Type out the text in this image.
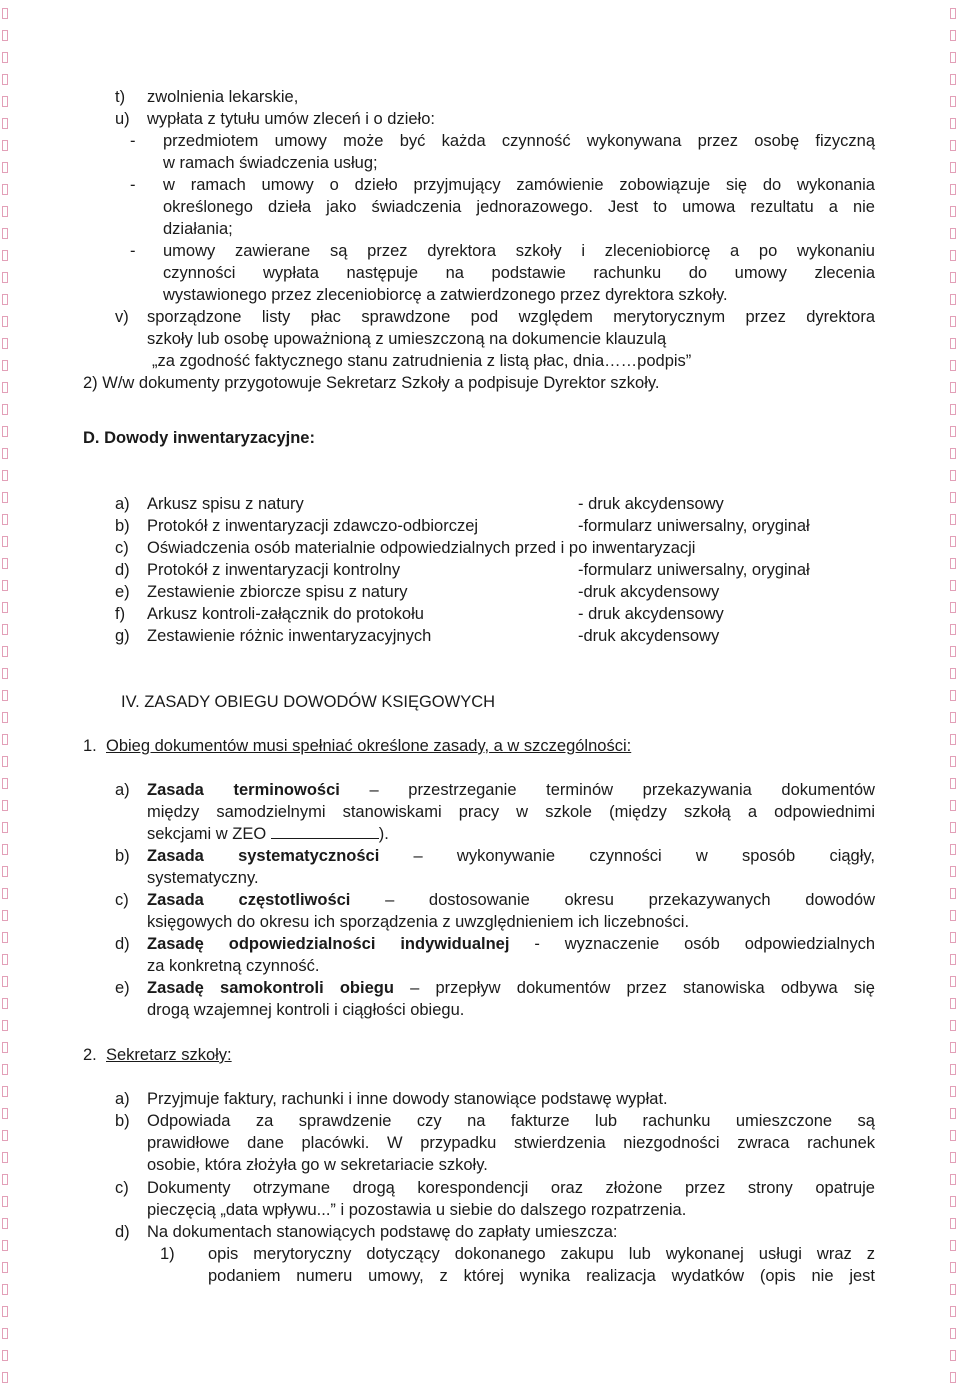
t) zwolnienia lekarskie,
u) wypłata z tytułu umów zleceń i o dzieło:
- przedmiotem umowy może być każda czynność wykonywana przez osobę fizyczną
w ramach świadczenia usług;
- w ramach umowy o dzieło przyjmujący zamówienie zobowiązuje się do wykonania
określonego dzieła jako świadczenia jednorazowego. Jest to umowa rezultatu a nie
działania;
- umowy zawierane są przez dyrektora szkoły i zleceniobiorcę a po wykonaniu
czynności wypłata następuje na podstawie rachunku do umowy zlecenia
wystawionego przez zleceniobiorcę a zatwierdzonego przez dyrektora szkoły.
v) sporządzone listy płac sprawdzone pod względem merytorycznym przez dyrektora
szkoły lub osobę upoważnioną z umieszczoną na dokumencie klauzulą
„za zgodność faktycznego stanu zatrudnienia z listą płac, dnia……podpis”
2) W/w dokumenty przygotowuje Sekretarz Szkoły a podpisuje Dyrektor szkoły.
D. Dowody inwentaryzacyjne:
a) Arkusz spisu z natury	- druk akcydensowy
b) Protokół z inwentaryzacji zdawczo-odbiorczej	-formularz uniwersalny, oryginał
c) Oświadczenia osób materialnie odpowiedzialnych przed i po inwentaryzacji
d) Protokół z inwentaryzacji kontrolny	-formularz uniwersalny, oryginał
e) Zestawienie zbiorcze spisu z natury	-druk akcydensowy
f) Arkusz kontroli-załącznik do protokołu	- druk akcydensowy
g) Zestawienie różnic inwentaryzacyjnych	-druk akcydensowy
IV. ZASADY OBIEGU DOWODÓW KSIĘGOWYCH
1. Obieg dokumentów musi spełniać określone zasady, a w szczególności:
a) Zasada terminowości – przestrzeganie terminów przekazywania dokumentów
między samodzielnymi stanowiskami pracy w szkole (między szkołą a odpowiednimi
sekcjami w ZEO	).
b) Zasada systematyczności – wykonywanie czynności w sposób ciągły,
systematyczny.
c) Zasada częstotliwości – dostosowanie okresu przekazywanych dowodów
księgowych do okresu ich sporządzenia z uwzględnieniem ich liczebności.
d) Zasadę odpowiedzialności indywidualnej - wyznaczenie osób odpowiedzialnych
za konkretną czynność.
e) Zasadę samokontroli obiegu – przepływ dokumentów przez stanowiska odbywa się
drogą wzajemnej kontroli i ciągłości obiegu.
2. Sekretarz szkoły:
a) Przyjmuje faktury, rachunki i inne dowody stanowiące podstawę wypłat.
b) Odpowiada za sprawdzenie czy na fakturze lub rachunku umieszczone są
prawidłowe dane placówki. W przypadku stwierdzenia niezgodności zwraca rachunek
osobie, która złożyła go w sekretariacie szkoły.
c) Dokumenty otrzymane drogą korespondencji oraz złożone przez strony opatruje
pieczęcią „data wpływu...” i pozostawia u siebie do dalszego rozpatrzenia.
d) Na dokumentach stanowiących podstawę do zapłaty umieszcza:
1) opis merytoryczny dotyczący dokonanego zakupu lub wykonanej usługi wraz z
podaniem numeru umowy, z której wynika realizacja wydatków (opis nie jest
